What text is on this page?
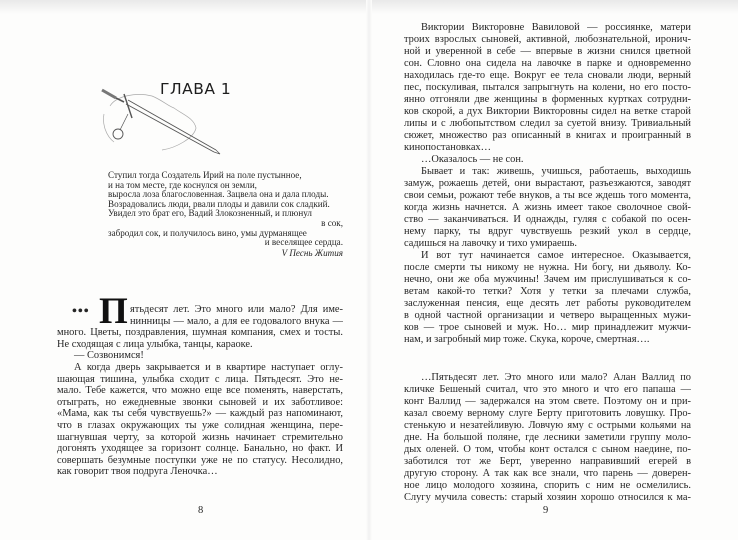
ГЛАВА 1
Ступил тогда Создатель Ирий на поле пустынное,
и на том месте, где коснулся он земли,
выросла лоза благословенная. Зацвела она и дала плоды.
Возрадовались люди, рвали плоды и давили сок сладкий.
Увидел это брат его, Вадий Злокозненный, и плюнул
в сок,
забродил сок, и получилось вино, умы дурманящее
и веселящее сердца.
V Песнь Жития
••• П ятьдесят лет. Это много или мало? Для име-
нинницы — мало, а для ее годовалого внука —
много. Цветы, поздравления, шумная компания, смех и тосты.
Не сходящая с лица улыбка, танцы, караоке.
— Созвонимся!
А когда дверь закрывается и в квартире наступает оглу-
шающая тишина, улыбка сходит с лица. Пятьдесят. Это не-
мало. Тебе кажется, что можно еще все поменять, наверстать,
отыграть, но ежедневные звонки сыновей и их заботливое:
«Мама, как ты себя чувствуешь?» — каждый раз напоминают,
что в глазах окружающих ты уже солидная женщина, пере-
шагнувшая черту, за которой жизнь начинает стремительно
догонять уходящее за горизонт солнце. Банально, но факт. И
совершать безумные поступки уже не по статусу. Несолидно,
как говорит твоя подруга Леночка…
8
Виктории Викторовне Вавиловой — россиянке, матери
троих взрослых сыновей, активной, любознательной, иронич-
ной и уверенной в себе — впервые в жизни снился цветной
сон. Словно она сидела на лавочке в парке и одновременно
находилась где-то еще. Вокруг ее тела сновали люди, верный
пес, поскуливая, пытался запрыгнуть на колени, но его посто-
янно отгоняли две женщины в форменных куртках сотрудни-
ков скорой, а дух Виктории Викторовны сидел на ветке старой
липы и с любопытством следил за суетой внизу. Тривиальный
сюжет, множество раз описанный в книгах и проигранный в
кинопостановках…
…Оказалось — не сон.
Бывает и так: живешь, учишься, работаешь, выходишь
замуж, рожаешь детей, они вырастают, разъезжаются, заводят
свои семьи, рожают тебе внуков, а ты все ждешь того момента,
когда жизнь начнется. А жизнь имеет такое сволочное свой-
ство — заканчиваться. И однажды, гуляя с собакой по осен-
нему парку, ты вдруг чувствуешь резкий укол в сердце,
садишься на лавочку и тихо умираешь.
И вот тут начинается самое интересное. Оказывается,
после смерти ты никому не нужна. Ни богу, ни дьяволу. Ко-
нечно, они же оба мужчины! Зачем им прислушиваться к со-
ветам какой-то тетки? Хотя у тетки за плечами служба,
заслуженная пенсия, еще десять лет работы руководителем
в одной частной организации и четверо выращенных мужи-
ков — трое сыновей и муж. Но… мир принадлежит мужчи-
нам, и загробный мир тоже. Скука, короче, смертная….
…Пятьдесят лет. Это много или мало? Алан Валлид по
кличке Бешеный считал, что это много и что его папаша —
конт Валлид — задержался на этом свете. Поэтому он и при-
казал своему верному слуге Берту приготовить ловушку. Про-
стенькую и незатейливую. Ловчую яму с острыми кольями на
дне. На большой поляне, где лесники заметили группу моло-
дых оленей. О том, чтобы конт остался с сыном наедине, по-
заботился тот же Берт, уверенно направивший егерей в
другую сторону. А так как все знали, что парень — доверен-
ное лицо молодого хозяина, спорить с ним не осмелились.
Слугу мучила совесть: старый хозяин хорошо относился к ма-
9
